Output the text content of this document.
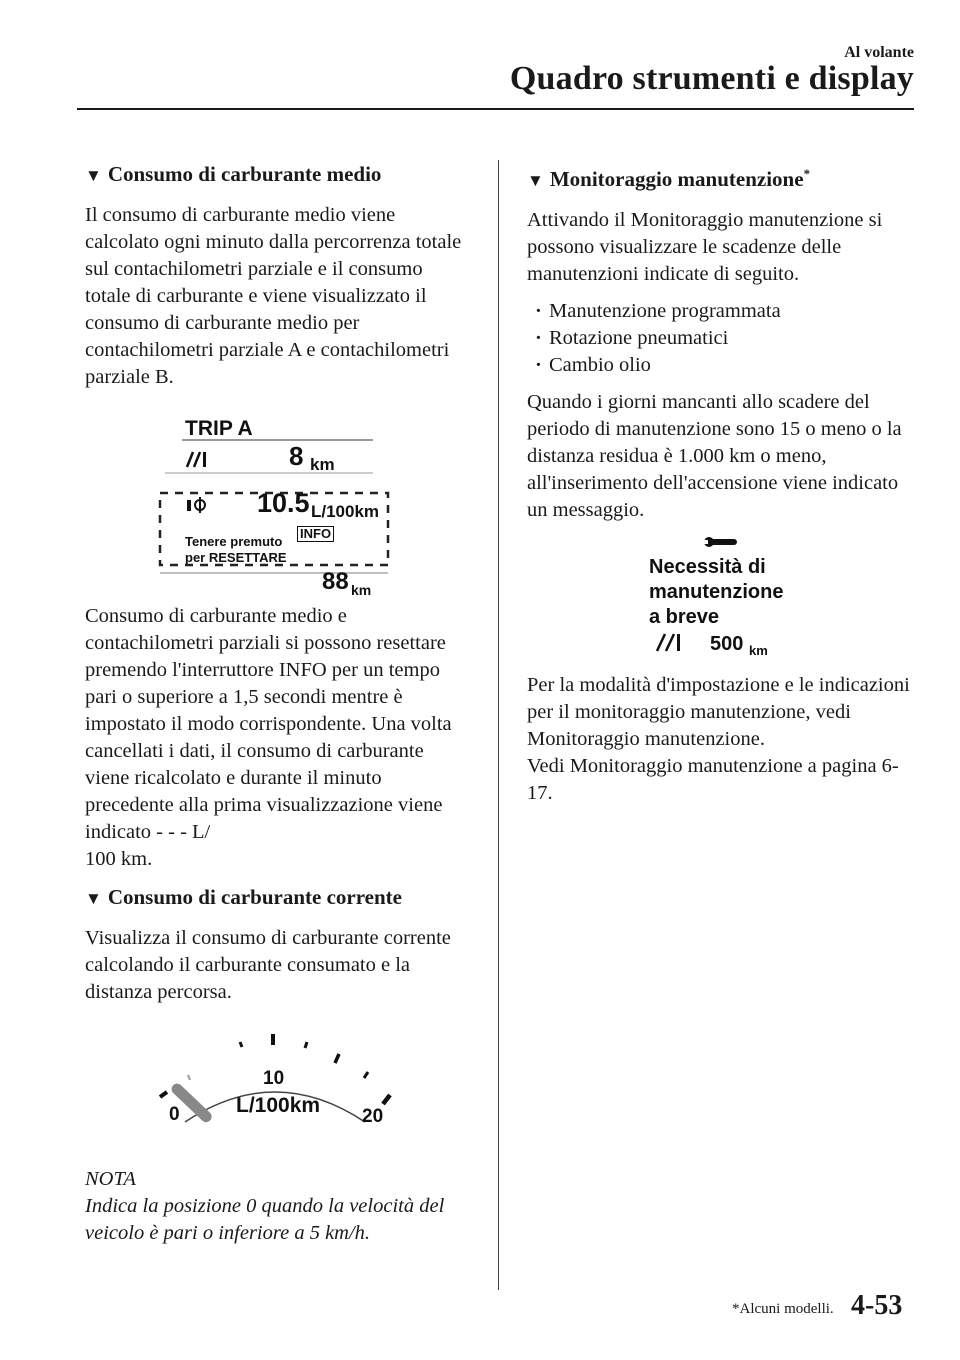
Al volante
Quadro strumenti e display
▼ Consumo di carburante medio

Il consumo di carburante medio viene calcolato ogni minuto dalla percorrenza totale sul contachilometri parziale e il consumo totale di carburante e viene visualizzato il consumo di carburante medio per contachilometri parziale A e contachilometri parziale B.

TRIP A
8 km
10.5 L/100km
Tenere premuto
INFO
per RESETTARE
88 km

Consumo di carburante medio e contachilometri parziali si possono resettare premendo l'interruttore INFO per un tempo pari o superiore a 1,5 secondi mentre è impostato il modo corrispondente. Una volta cancellati i dati, il consumo di carburante viene ricalcolato e durante il minuto precedente alla prima visualizzazione viene indicato - - - L/

100 km.

▼ Consumo di carburante corrente

Visualizza il consumo di carburante corrente calcolando il carburante consumato e la distanza percorsa.

0
10
20
L/100km

NOTA

Indica la posizione 0 quando la velocità del veicolo è pari o inferiore a 5 km/h.

▼ Monitoraggio manutenzione*

Attivando il Monitoraggio manutenzione si possono visualizzare le scadenze delle manutenzioni indicate di seguito.

· Manutenzione programmata
· Rotazione pneumatici
· Cambio olio

Quando i giorni mancanti allo scadere del periodo di manutenzione sono 15 o meno o la distanza residua è 1.000 km o meno, all'inserimento dell'accensione viene indicato un messaggio.

Necessità di
manutenzione
a breve
500 km

Per la modalità d'impostazione e le indicazioni per il monitoraggio manutenzione, vedi Monitoraggio manutenzione.

Vedi Monitoraggio manutenzione a pagina 6-17.

*Alcuni modelli. 4-53
